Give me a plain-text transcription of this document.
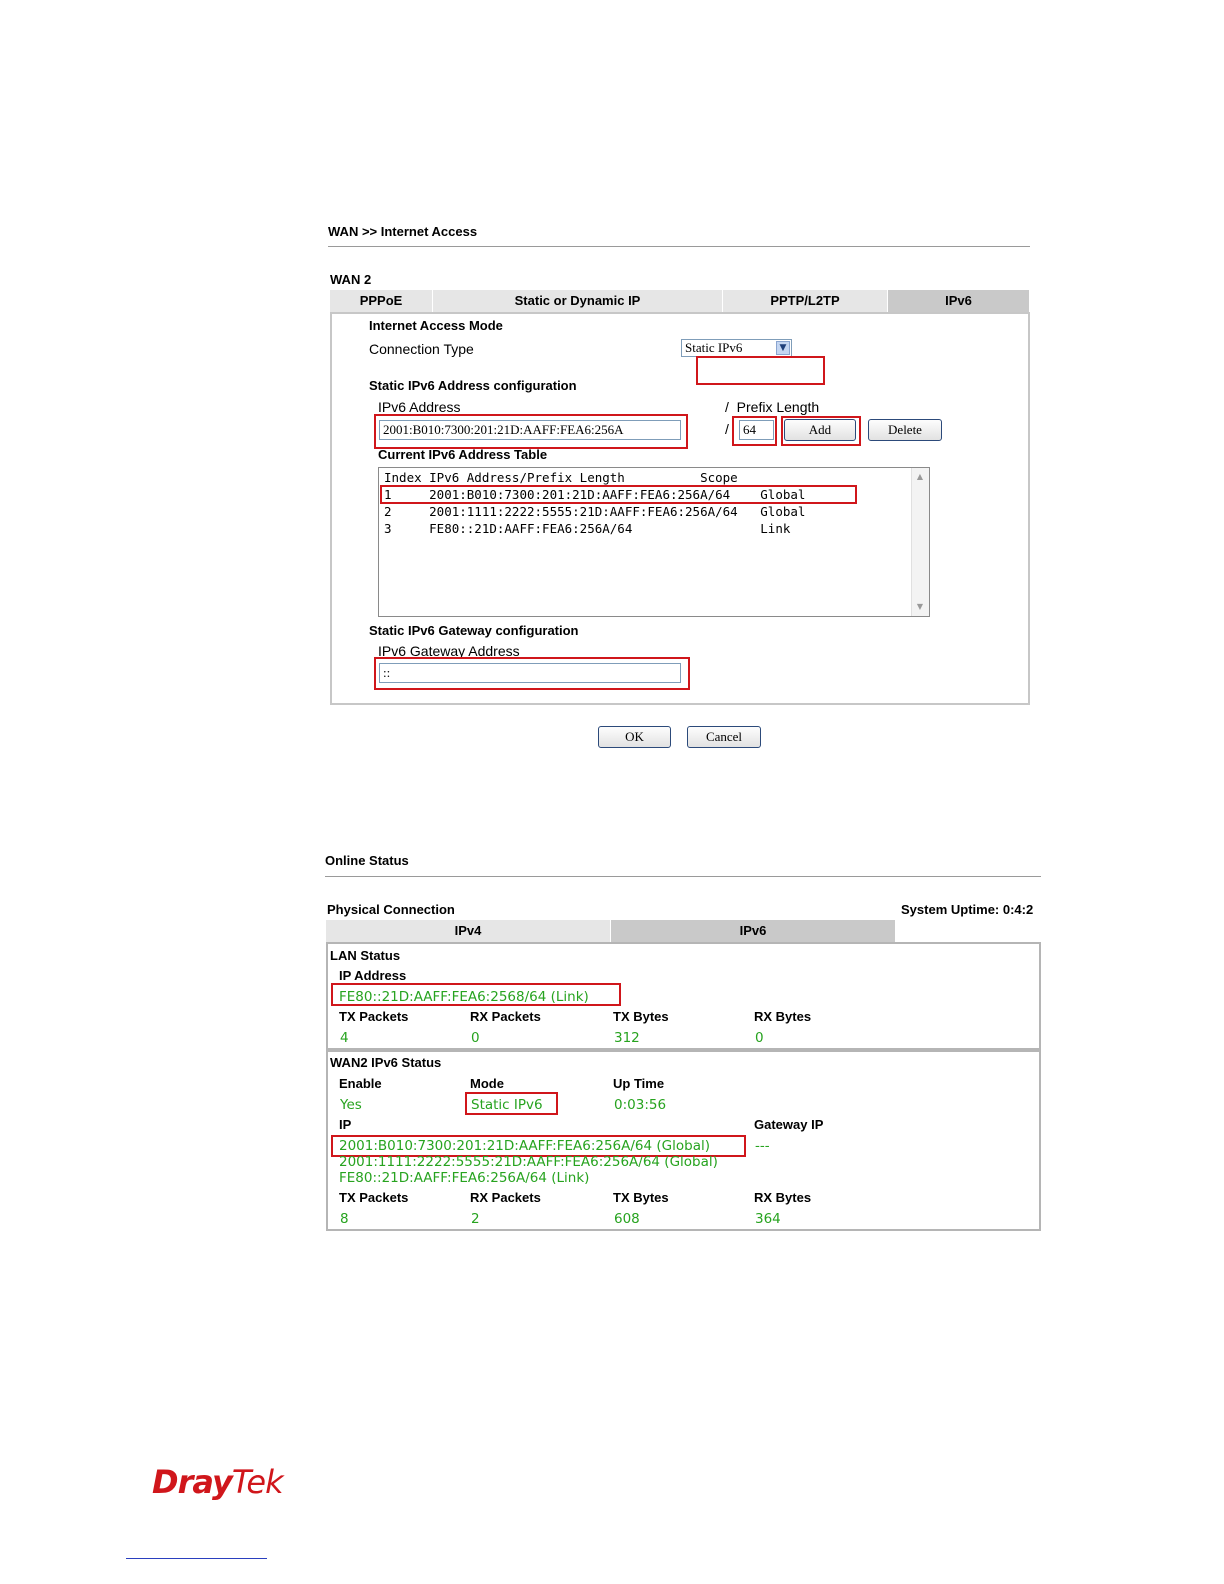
WAN >> Internet Access
WAN 2
PPPoE	Static or Dynamic IP	PPTP/L2TP	IPv6
Internet Access Mode
Connection Type	Static IPv6	▼
Static IPv6 Address configuration
IPv6 Address	/  Prefix Length
2001:B010:7300:201:21D:AAFF:FEA6:256A	/	64	Add	Delete
Current IPv6 Address Table
Index IPv6 Address/Prefix Length          Scope
1     2001:B010:7300:201:21D:AAFF:FEA6:256A/64    Global
2     2001:1111:2222:5555:21D:AAFF:FEA6:256A/64   Global
3     FE80::21D:AAFF:FEA6:256A/64                 Link
▲
▼
Static IPv6 Gateway configuration
IPv6 Gateway Address
::
OK	Cancel
Online Status
Physical Connection	System Uptime: 0:4:2
IPv4	IPv6
LAN Status
IP Address
FE80::21D:AAFF:FEA6:2568/64 (Link)
TX Packets	RX Packets	TX Bytes	RX Bytes
4	0	312	0
WAN2 IPv6 Status
Enable	Mode	Up Time
Yes	Static IPv6	0:03:56
IP	Gateway IP
2001:B010:7300:201:21D:AAFF:FEA6:256A/64 (Global)	---
2001:1111:2222:5555:21D:AAFF:FEA6:256A/64 (Global)
FE80::21D:AAFF:FEA6:256A/64 (Link)
TX Packets	RX Packets	TX Bytes	RX Bytes
8	2	608	364
DrayTek
